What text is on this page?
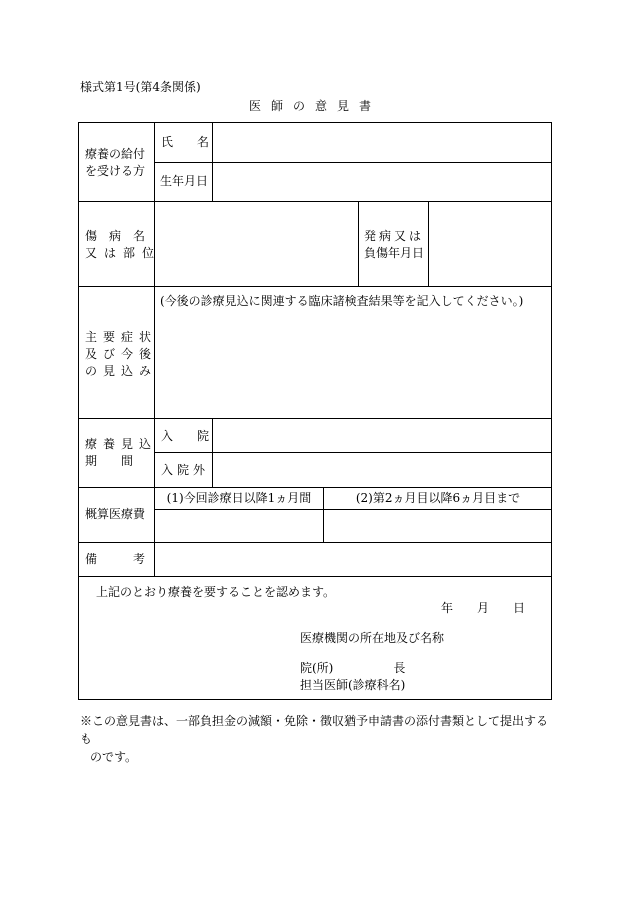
様式第1号(第4条関係)
医師の意見書
療養の給付
を受ける方
氏　　名
生年月日
傷病名
又は部位
発病又は
負傷年月日
主要症状
及び今後
の見込み
(今後の診療見込に関連する臨床諸検査結果等を記入してください。)
療養見込
期　　間
入　　院
入院外
概算医療費
(1)今回診療日以降1ヵ月間	(2)第2ヵ月目以降6ヵ月目まで
備　　　考
上記のとおり療養を要することを認めます。
年　　月　　日
医療機関の所在地及び名称
院(所)　　　　　長
担当医師(診療科名)
※この意見書は、一部負担金の減額・免除・徴収猶予申請書の添付書類として提出するも
のです。
